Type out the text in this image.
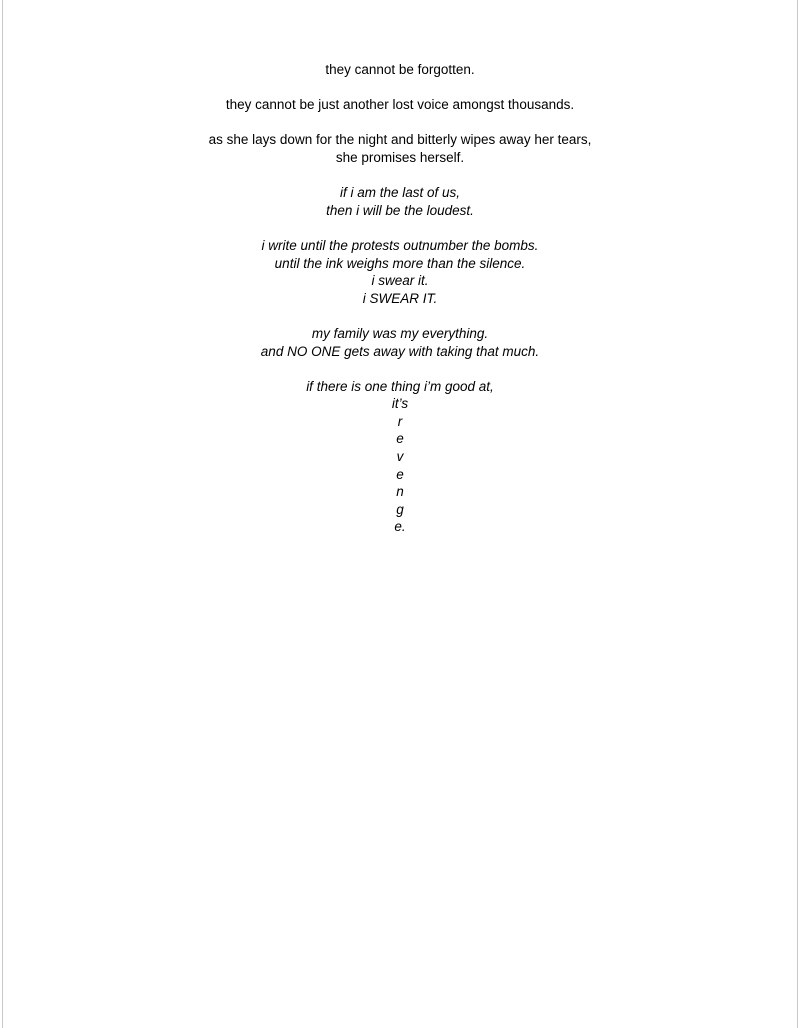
they cannot be forgotten.

they cannot be just another lost voice amongst thousands.

as she lays down for the night and bitterly wipes away her tears,
she promises herself.

if i am the last of us,
then i will be the loudest.

i write until the protests outnumber the bombs.
until the ink weighs more than the silence.
i swear it.
i SWEAR IT.

my family was my everything.
and NO ONE gets away with taking that much.

if there is one thing i’m good at,
it’s
r
e
v
e
n
g
e.
